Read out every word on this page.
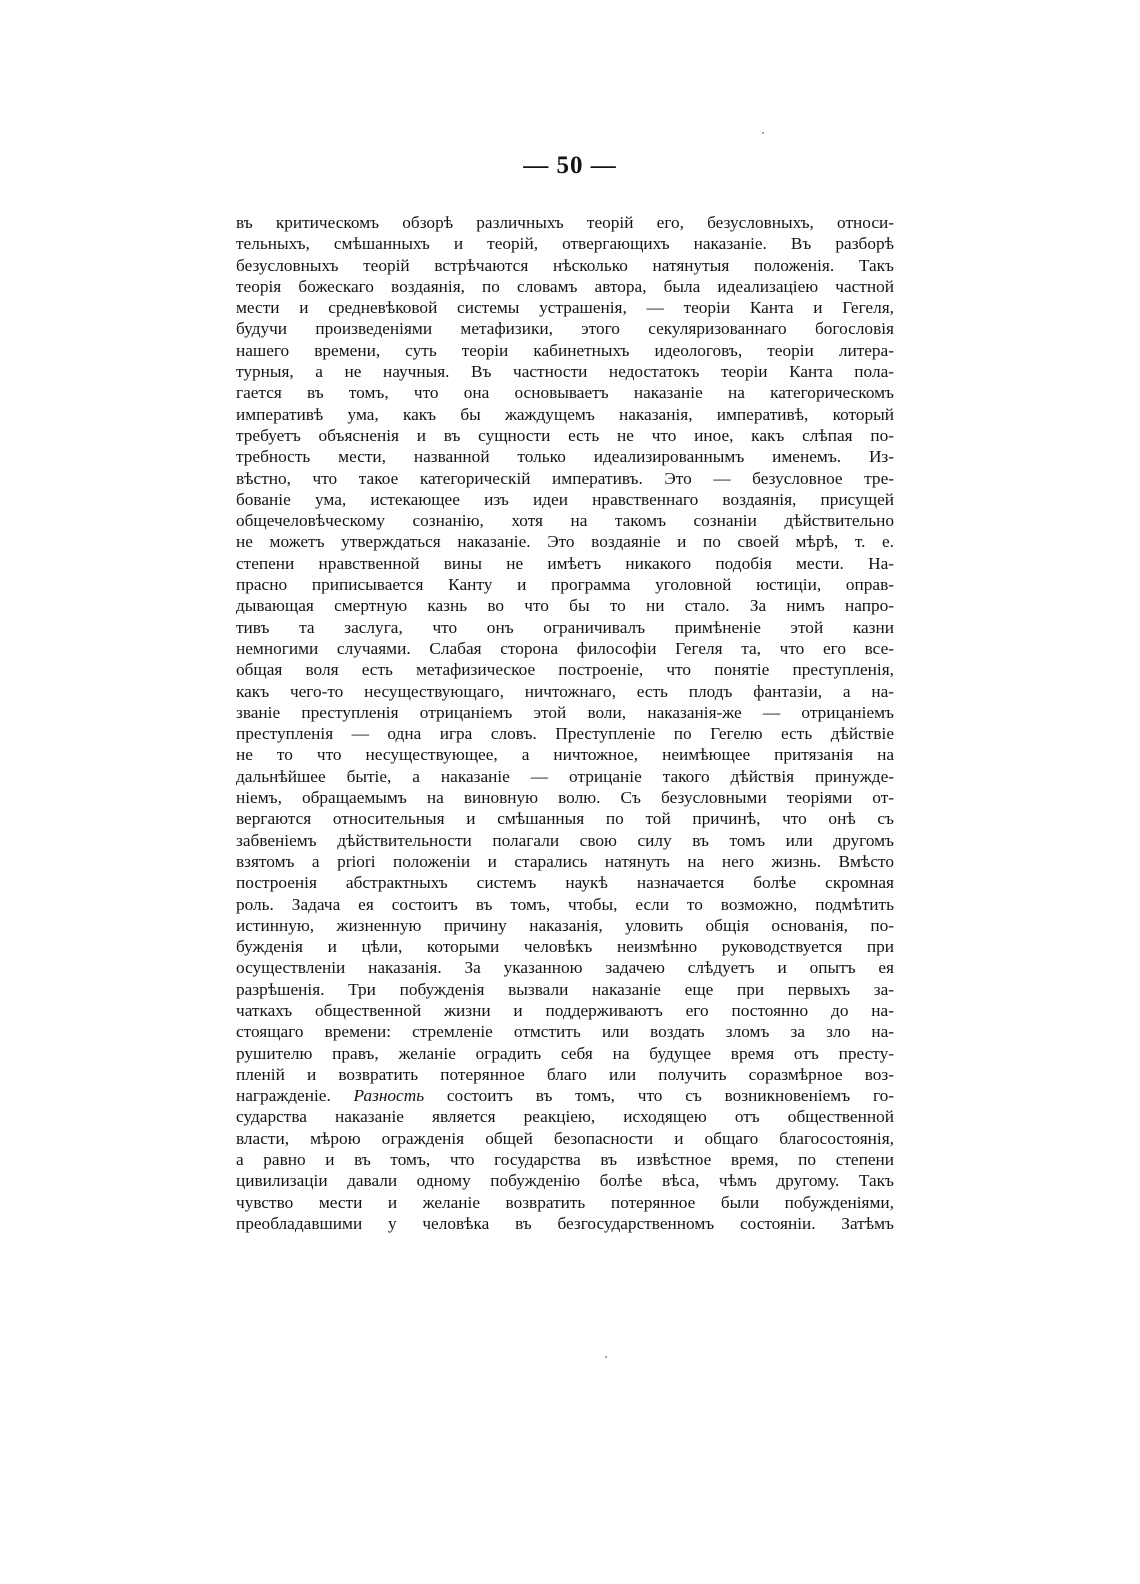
— 50 —
въ критическомъ обзорѣ различныхъ теорій его, безусловныхъ, относи-
тельныхъ, смѣшанныхъ и теорій, отвергающихъ наказаніе. Въ разборѣ
безусловныхъ теорій встрѣчаются нѣсколько натянутыя положенія. Такъ
теорія божескаго воздаянія, по словамъ автора, была идеализаціею частной
мести и средневѣковой системы устрашенія, — теоріи Канта и Гегеля,
будучи произведеніями метафизики, этого секуляризованнаго богословія
нашего времени, суть теоріи кабинетныхъ идеологовъ, теоріи литера-
турныя, а не научныя. Въ частности недостатокъ теоріи Канта пола-
гается въ томъ, что она основываетъ наказаніе на категорическомъ
императивѣ ума, какъ бы жаждущемъ наказанія, императивѣ, который
требуетъ объясненія и въ сущности есть не что иное, какъ слѣпая по-
требность мести, названной только идеализированнымъ именемъ. Из-
вѣстно, что такое категорическій императивъ. Это — безусловное тре-
бованіе ума, истекающее изъ идеи нравственнаго воздаянія, присущей
общечеловѣческому сознанію, хотя на такомъ сознаніи дѣйствительно
не можетъ утверждаться наказаніе. Это воздаяніе и по своей мѣрѣ, т. е.
степени нравственной вины не имѣетъ никакого подобія мести. На-
прасно приписывается Канту и программа уголовной юстиціи, оправ-
дывающая смертную казнь во что бы то ни стало. За нимъ напро-
тивъ та заслуга, что онъ ограничивалъ примѣненіе этой казни
немногими случаями. Слабая сторона философіи Гегеля та, что его все-
общая воля есть метафизическое построеніе, что понятіе преступленія,
какъ чего-то несуществующаго, ничтожнаго, есть плодъ фантазіи, а на-
званіе преступленія отрицаніемъ этой воли, наказанія-же — отрицаніемъ
преступленія — одна игра словъ. Преступленіе по Гегелю есть дѣйствіе
не то что несуществующее, а ничтожное, неимѣющее притязанія на
дальнѣйшее бытіе, а наказаніе — отрицаніе такого дѣйствія принужде-
ніемъ, обращаемымъ на виновную волю. Съ безусловными теоріями от-
вергаются относительныя и смѣшанныя по той причинѣ, что онѣ съ
забвеніемъ дѣйствительности полагали свою силу въ томъ или другомъ
взятомъ a priori положеніи и старались натянуть на него жизнь. Вмѣсто
построенія абстрактныхъ системъ наукѣ назначается болѣе скромная
роль. Задача ея состоитъ въ томъ, чтобы, если то возможно, подмѣтить
истинную, жизненную причину наказанія, уловить общія основанія, по-
бужденія и цѣли, которыми человѣкъ неизмѣнно руководствуется при
осуществленіи наказанія. За указанною задачею слѣдуетъ и опытъ ея
разрѣшенія. Три побужденія вызвали наказаніе еще при первыхъ за-
чаткахъ общественной жизни и поддерживаютъ его постоянно до на-
стоящаго времени: стремленіе отмстить или воздать зломъ за зло на-
рушителю правъ, желаніе оградить себя на будущее время отъ престу-
пленій и возвратить потерянное благо или получить соразмѣрное воз-
награжденіе. Разность состоитъ въ томъ, что съ возникновеніемъ го-
сударства наказаніе является реакціею, исходящею отъ общественной
власти, мѣрою огражденія общей безопасности и общаго благосостоянія,
а равно и въ томъ, что государства въ извѣстное время, по степени
цивилизаціи давали одному побужденію болѣе вѣса, чѣмъ другому. Такъ
чувство мести и желаніе возвратить потерянное были побужденіями,
преобладавшими у человѣка въ безгосударственномъ состояніи. Затѣмъ
